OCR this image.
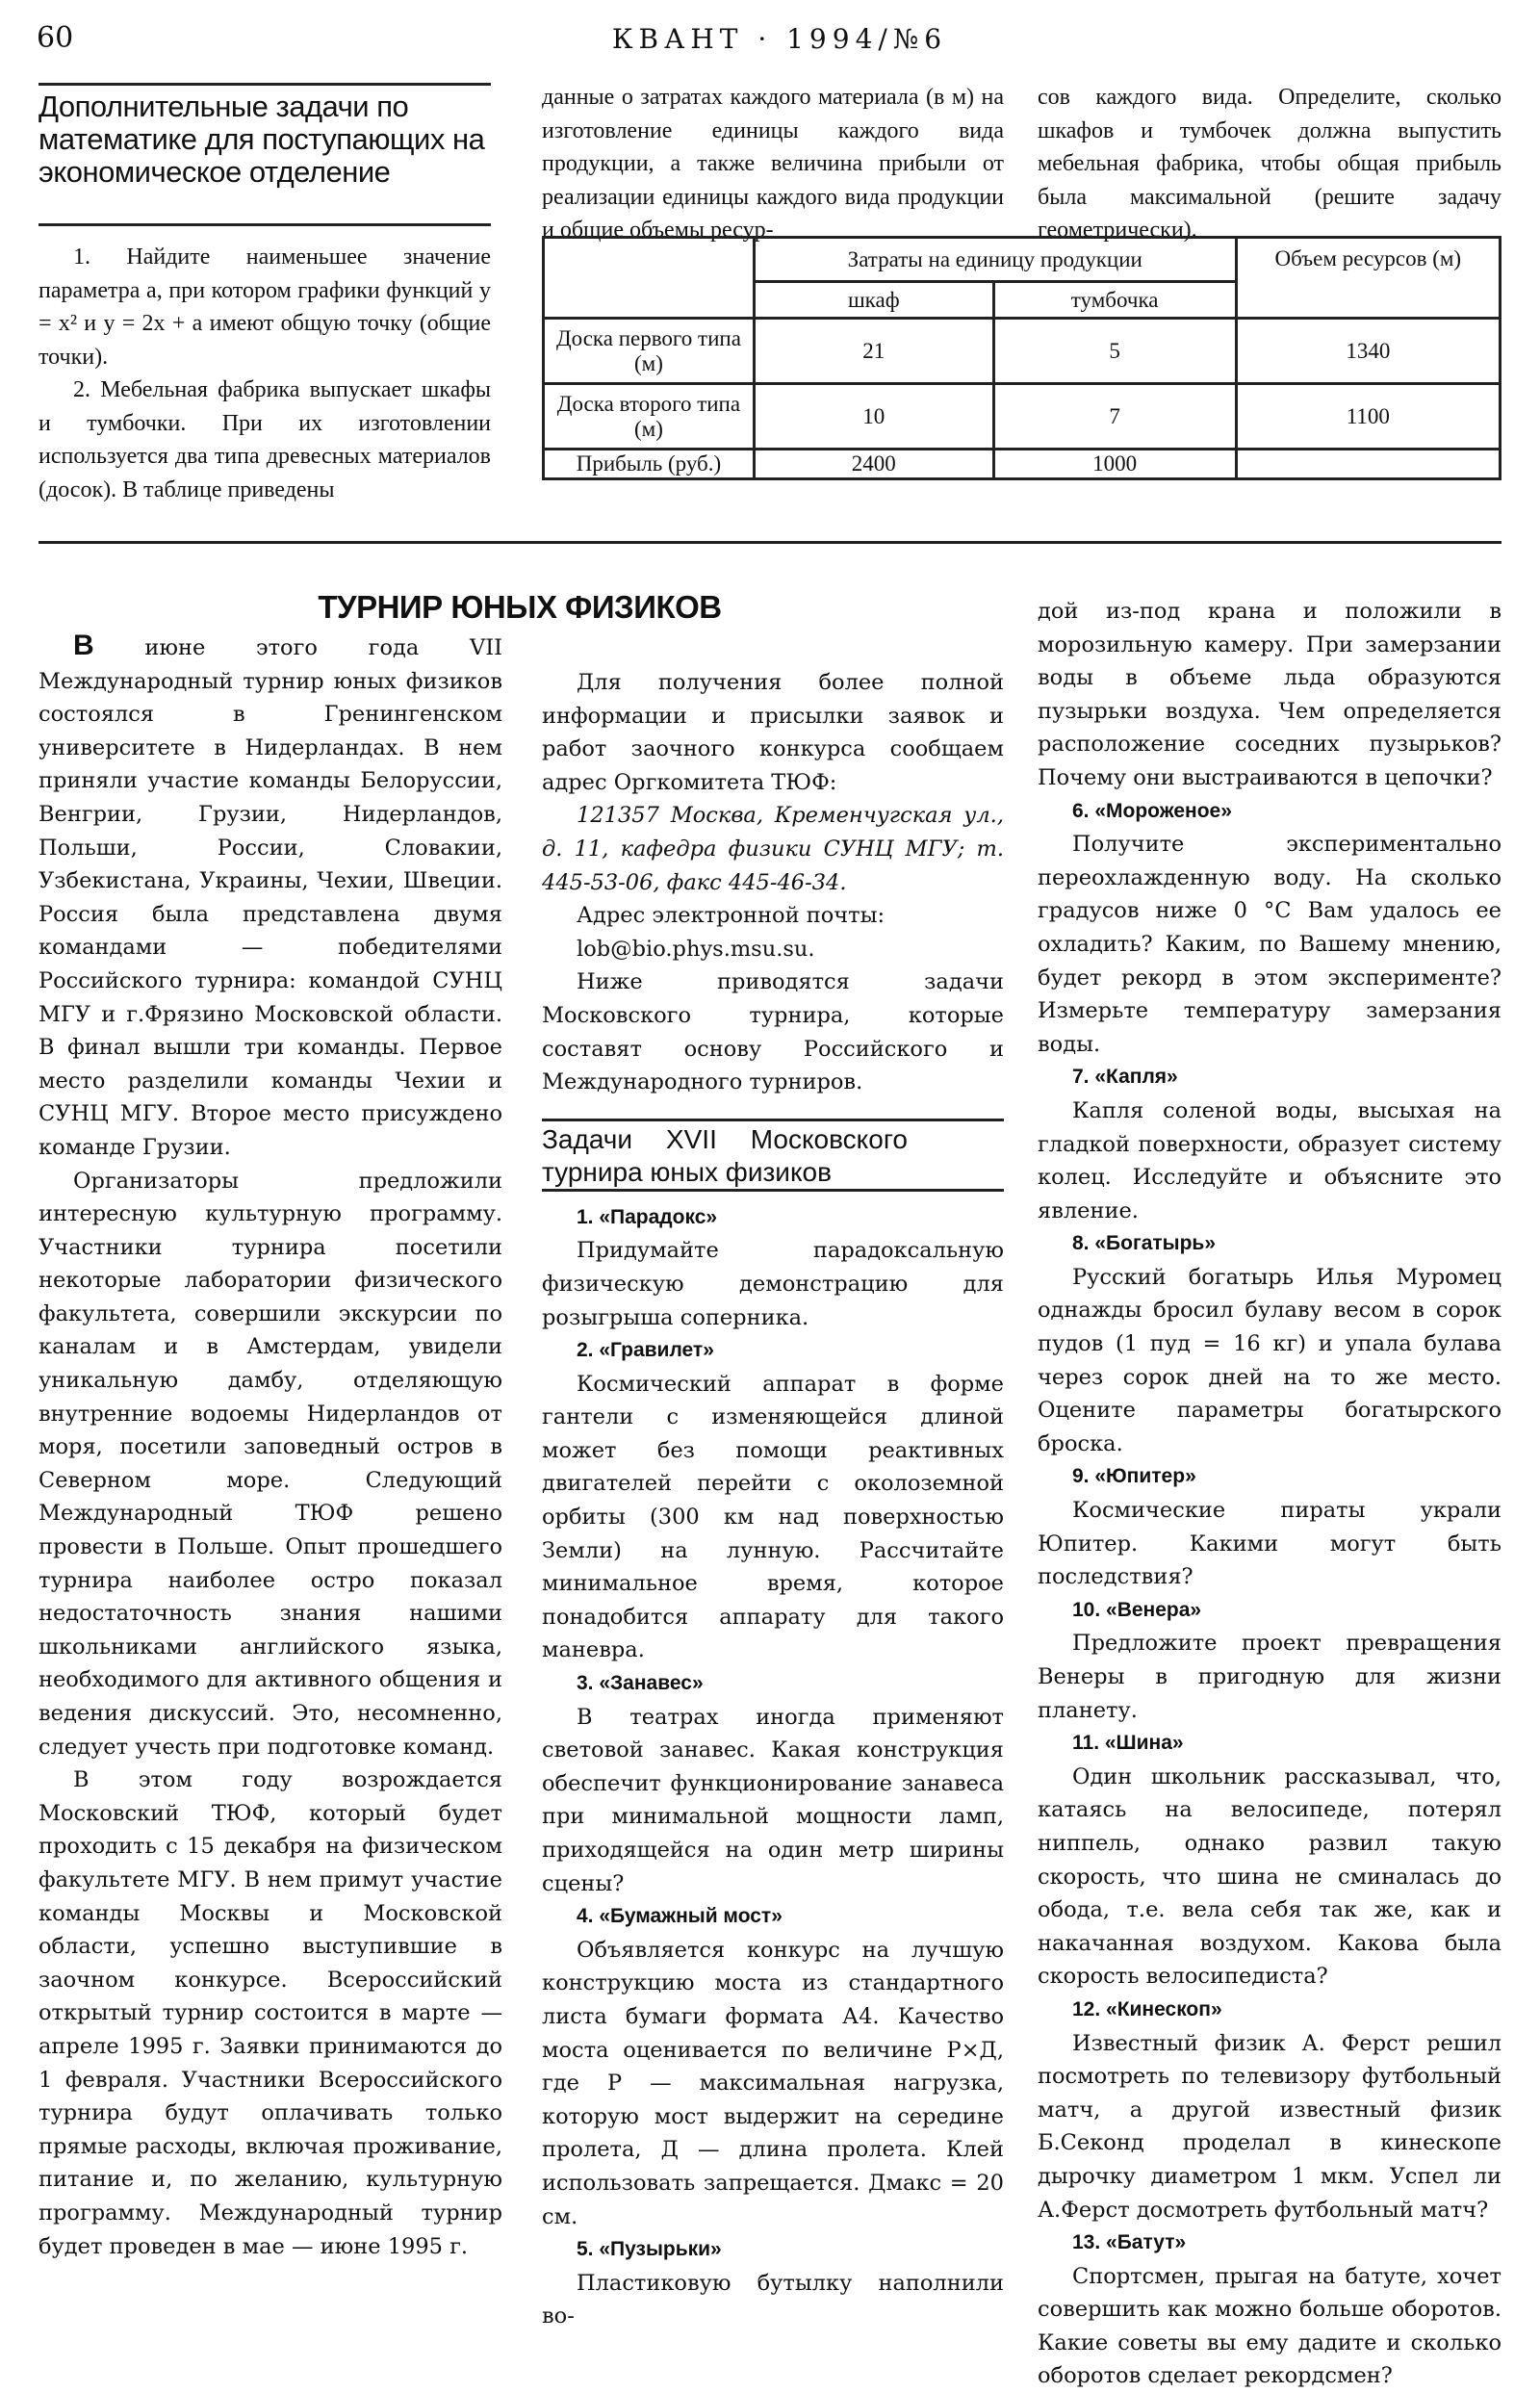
60	КВАНТ · 1994/№6
Дополнительные задачи по математике для поступающих на экономическое отделение

1. Найдите наименьшее значение параметра a, при котором графики функций y = x² и y = 2x + a имеют общую точку (общие точки).

2. Мебельная фабрика выпускает шкафы и тумбочки. При их изготовлении используется два типа древесных материалов (досок). В таблице приведены

данные о затратах каждого материала (в м) на изготовление единицы каждого вида продукции, а также величина прибыли от реализации единицы каждого вида продукции и общие объемы ресур-

сов каждого вида. Определите, сколько шкафов и тумбочек должна выпустить мебельная фабрика, чтобы общая прибыль была максимальной (решите задачу геометрически).

	Затраты на единицу продукции		Объем ресурсов (м)
	шкаф	тумбочка	
Доска первого типа (м)	21	5	1340
Доска второго типа (м)	10	7	1100
Прибыль (руб.)	2400	1000	
ТУРНИР ЮНЫХ ФИЗИКОВ

В июне этого года VII Международный турнир юных физиков состоялся в Гренингенском университете в Нидерландах. В нем приняли участие команды Белоруссии, Венгрии, Грузии, Нидерландов, Польши, России, Словакии, Узбекистана, Украины, Чехии, Швеции. Россия была представлена двумя командами — победителями Российского турнира: командой СУНЦ МГУ и г.Фрязино Московской области. В финал вышли три команды. Первое место разделили команды Чехии и СУНЦ МГУ. Второе место присуждено команде Грузии.

Организаторы предложили интересную культурную программу. Участники турнира посетили некоторые лаборатории физического факультета, совершили экскурсии по каналам и в Амстердам, увидели уникальную дамбу, отделяющую внутренние водоемы Нидерландов от моря, посетили заповедный остров в Северном море. Следующий Международный ТЮФ решено провести в Польше. Опыт прошедшего турнира наиболее остро показал недостаточность знания нашими школьниками английского языка, необходимого для активного общения и ведения дискуссий. Это, несомненно, следует учесть при подготовке команд.

В этом году возрождается Московский ТЮФ, который будет проходить с 15 декабря на физическом факультете МГУ. В нем примут участие команды Москвы и Московской области, успешно выступившие в заочном конкурсе. Всероссийский открытый турнир состоится в марте — апреле 1995 г. Заявки принимаются до 1 февраля. Участники Всероссийского турнира будут оплачивать только прямые расходы, включая проживание, питание и, по желанию, культурную программу. Международный турнир будет проведен в мае — июне 1995 г.

Для получения более полной информации и присылки заявок и работ заочного конкурса сообщаем адрес Оргкомитета ТЮФ:

121357 Москва, Кременчугская ул., д. 11, кафедра физики СУНЦ МГУ; т. 445-53-06, факс 445-46-34.

Адрес электронной почты:

lob@bio.phys.msu.su.

Ниже приводятся задачи Московского турнира, которые составят основу Российского и Международного турниров.

Задачи XVII Московского турнира юных физиков

1. «Парадокс»

Придумайте парадоксальную физическую демонстрацию для розыгрыша соперника.

2. «Гравилет»

Космический аппарат в форме гантели с изменяющейся длиной может без помощи реактивных двигателей перейти с околоземной орбиты (300 км над поверхностью Земли) на лунную. Рассчитайте минимальное время, которое понадобится аппарату для такого маневра.

3. «Занавес»

В театрах иногда применяют световой занавес. Какая конструкция обеспечит функционирование занавеса при минимальной мощности ламп, приходящейся на один метр ширины сцены?

4. «Бумажный мост»

Объявляется конкурс на лучшую конструкцию моста из стандартного листа бумаги формата А4. Качество моста оценивается по величине Р×Д, где Р — максимальная нагрузка, которую мост выдержит на середине пролета, Д — длина пролета. Клей использовать запрещается. Дмакс = 20 см.

5. «Пузырьки»

Пластиковую бутылку наполнили во-

дой из-под крана и положили в морозильную камеру. При замерзании воды в объеме льда образуются пузырьки воздуха. Чем определяется расположение соседних пузырьков? Почему они выстраиваются в цепочки?

6. «Мороженое»

Получите экспериментально переохлажденную воду. На сколько градусов ниже 0 °С Вам удалось ее охладить? Каким, по Вашему мнению, будет рекорд в этом эксперименте? Измерьте температуру замерзания воды.

7. «Капля»

Капля соленой воды, высыхая на гладкой поверхности, образует систему колец. Исследуйте и объясните это явление.

8. «Богатырь»

Русский богатырь Илья Муромец однажды бросил булаву весом в сорок пудов (1 пуд = 16 кг) и упала булава через сорок дней на то же место. Оцените параметры богатырского броска.

9. «Юпитер»

Космические пираты украли Юпитер. Какими могут быть последствия?

10. «Венера»

Предложите проект превращения Венеры в пригодную для жизни планету.

11. «Шина»

Один школьник рассказывал, что, катаясь на велосипеде, потерял ниппель, однако развил такую скорость, что шина не сминалась до обода, т.е. вела себя так же, как и накачанная воздухом. Какова была скорость велосипедиста?

12. «Кинескоп»

Известный физик А. Ферст решил посмотреть по телевизору футбольный матч, а другой известный физик Б.Секонд проделал в кинескопе дырочку диаметром 1 мкм. Успел ли А.Ферст досмотреть футбольный матч?

13. «Батут»

Спортсмен, прыгая на батуте, хочет совершить как можно больше оборотов. Какие советы вы ему дадите и сколько оборотов сделает рекордсмен?
